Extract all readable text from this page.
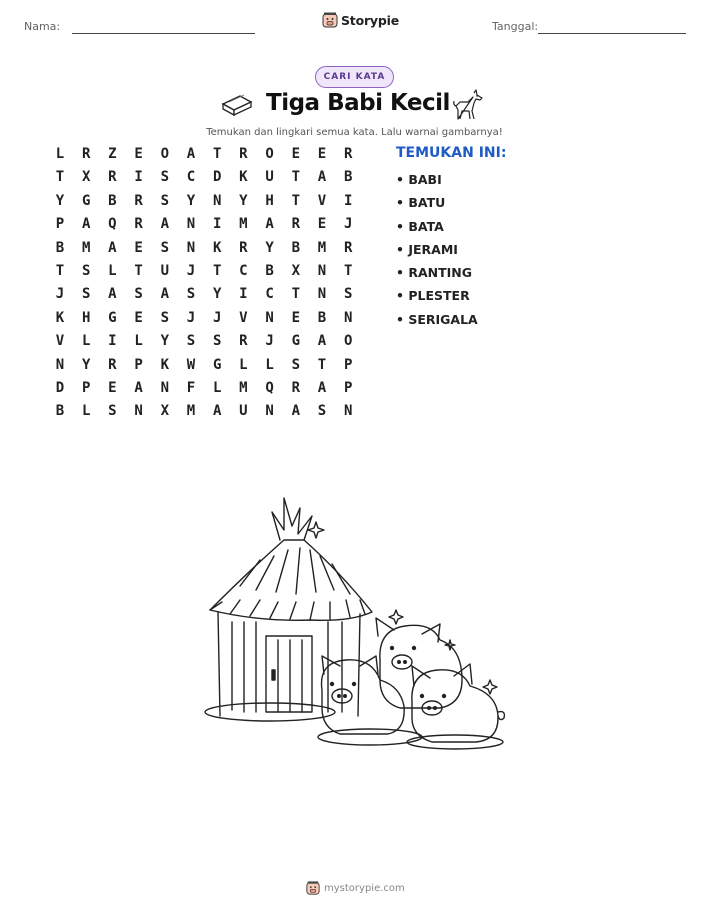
Nama:	Storypie	Tanggal:
CARI KATA
Tiga Babi Kecil
Temukan dan lingkari semua kata. Lalu warnai gambarnya!
L	R	Z	E	O	A	T	R	O	E	E	R
T	X	R	I	S	C	D	K	U	T	A	B
Y	G	B	R	S	Y	N	Y	H	T	V	I
P	A	Q	R	A	N	I	M	A	R	E	J
B	M	A	E	S	N	K	R	Y	B	M	R
T	S	L	T	U	J	T	C	B	X	N	T
J	S	A	S	A	S	Y	I	C	T	N	S
K	H	G	E	S	J	J	V	N	E	B	N
V	L	I	L	Y	S	S	R	J	G	A	O
N	Y	R	P	K	W	G	L	L	S	T	P
D	P	E	A	N	F	L	M	Q	R	A	P
B	L	S	N	X	M	A	U	N	A	S	N
TEMUKAN INI:
• BABI
• BATU
• BATA
• JERAMI
• RANTING
• PLESTER
• SERIGALA
mystorypie.com
